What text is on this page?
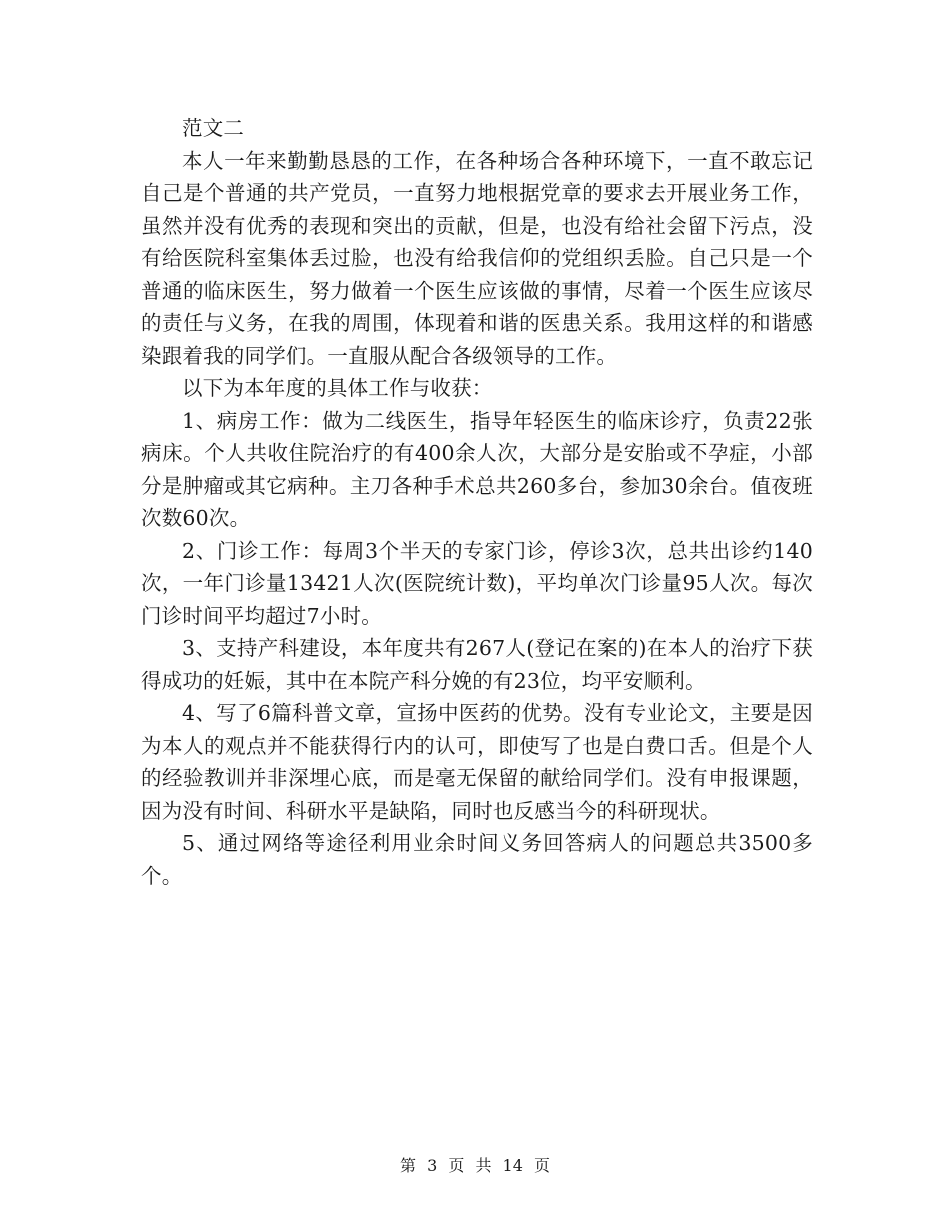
范文二

本人一年来勤勤恳恳的工作，在各种场合各种环境下，一直不敢忘记自己是个普通的共产党员，一直努力地根据党章的要求去开展业务工作，虽然并没有优秀的表现和突出的贡献，但是，也没有给社会留下污点，没有给医院科室集体丢过脸，也没有给我信仰的党组织丢脸。自己只是一个普通的临床医生，努力做着一个医生应该做的事情，尽着一个医生应该尽的责任与义务，在我的周围，体现着和谐的医患关系。我用这样的和谐感染跟着我的同学们。一直服从配合各级领导的工作。

以下为本年度的具体工作与收获：

1、病房工作：做为二线医生，指导年轻医生的临床诊疗，负责22张病床。个人共收住院治疗的有400余人次，大部分是安胎或不孕症，小部分是肿瘤或其它病种。主刀各种手术总共260多台，参加30余台。值夜班次数60次。

2、门诊工作：每周3个半天的专家门诊，停诊3次，总共出诊约140次，一年门诊量13421人次(医院统计数)，平均单次门诊量95人次。每次门诊时间平均超过7小时。

3、支持产科建设，本年度共有267人(登记在案的)在本人的治疗下获得成功的妊娠，其中在本院产科分娩的有23位，均平安顺利。

4、写了6篇科普文章，宣扬中医药的优势。没有专业论文，主要是因为本人的观点并不能获得行内的认可，即使写了也是白费口舌。但是个人的经验教训并非深埋心底，而是毫无保留的献给同学们。没有申报课题，因为没有时间、科研水平是缺陷，同时也反感当今的科研现状。

5、通过网络等途径利用业余时间义务回答病人的问题总共3500多个。

第 3 页 共 14 页
